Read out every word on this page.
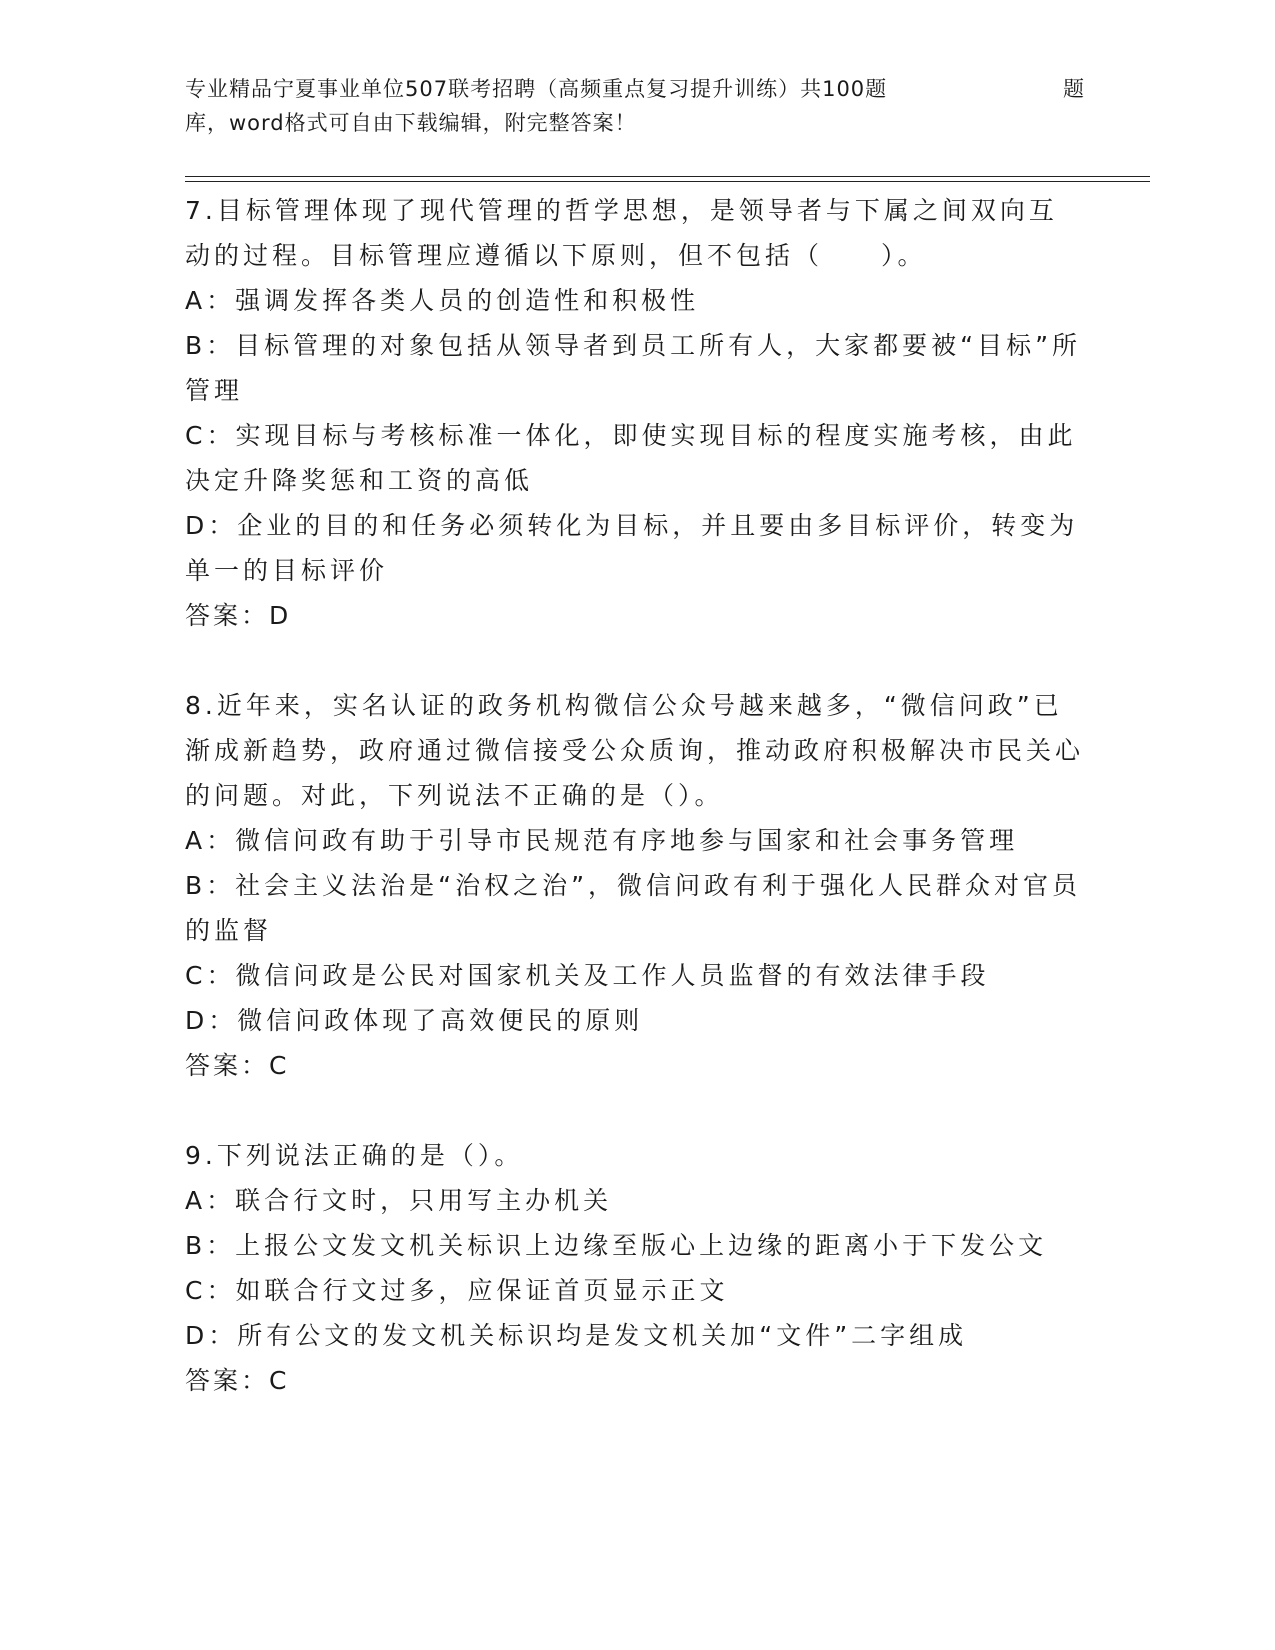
专业精品宁夏事业单位507联考招聘（高频重点复习提升训练）共100题	题
库，word格式可自由下载编辑，附完整答案！

7.目标管理体现了现代管理的哲学思想，是领导者与下属之间双向互动的过程。目标管理应遵循以下原则，但不包括（　　）。

A：强调发挥各类人员的创造性和积极性

B：目标管理的对象包括从领导者到员工所有人，大家都要被“目标”所管理

C：实现目标与考核标准一体化，即使实现目标的程度实施考核，由此决定升降奖惩和工资的高低

D：企业的目的和任务必须转化为目标，并且要由多目标评价，转变为单一的目标评价

答案：D

8.近年来，实名认证的政务机构微信公众号越来越多，“微信问政”已渐成新趋势，政府通过微信接受公众质询，推动政府积极解决市民关心的问题。对此，下列说法不正确的是（）。

A：微信问政有助于引导市民规范有序地参与国家和社会事务管理

B：社会主义法治是“治权之治”，微信问政有利于强化人民群众对官员的监督

C：微信问政是公民对国家机关及工作人员监督的有效法律手段

D：微信问政体现了高效便民的原则

答案：C

9.下列说法正确的是（）。

A：联合行文时，只用写主办机关

B：上报公文发文机关标识上边缘至版心上边缘的距离小于下发公文

C：如联合行文过多，应保证首页显示正文

D：所有公文的发文机关标识均是发文机关加“文件”二字组成

答案：C
